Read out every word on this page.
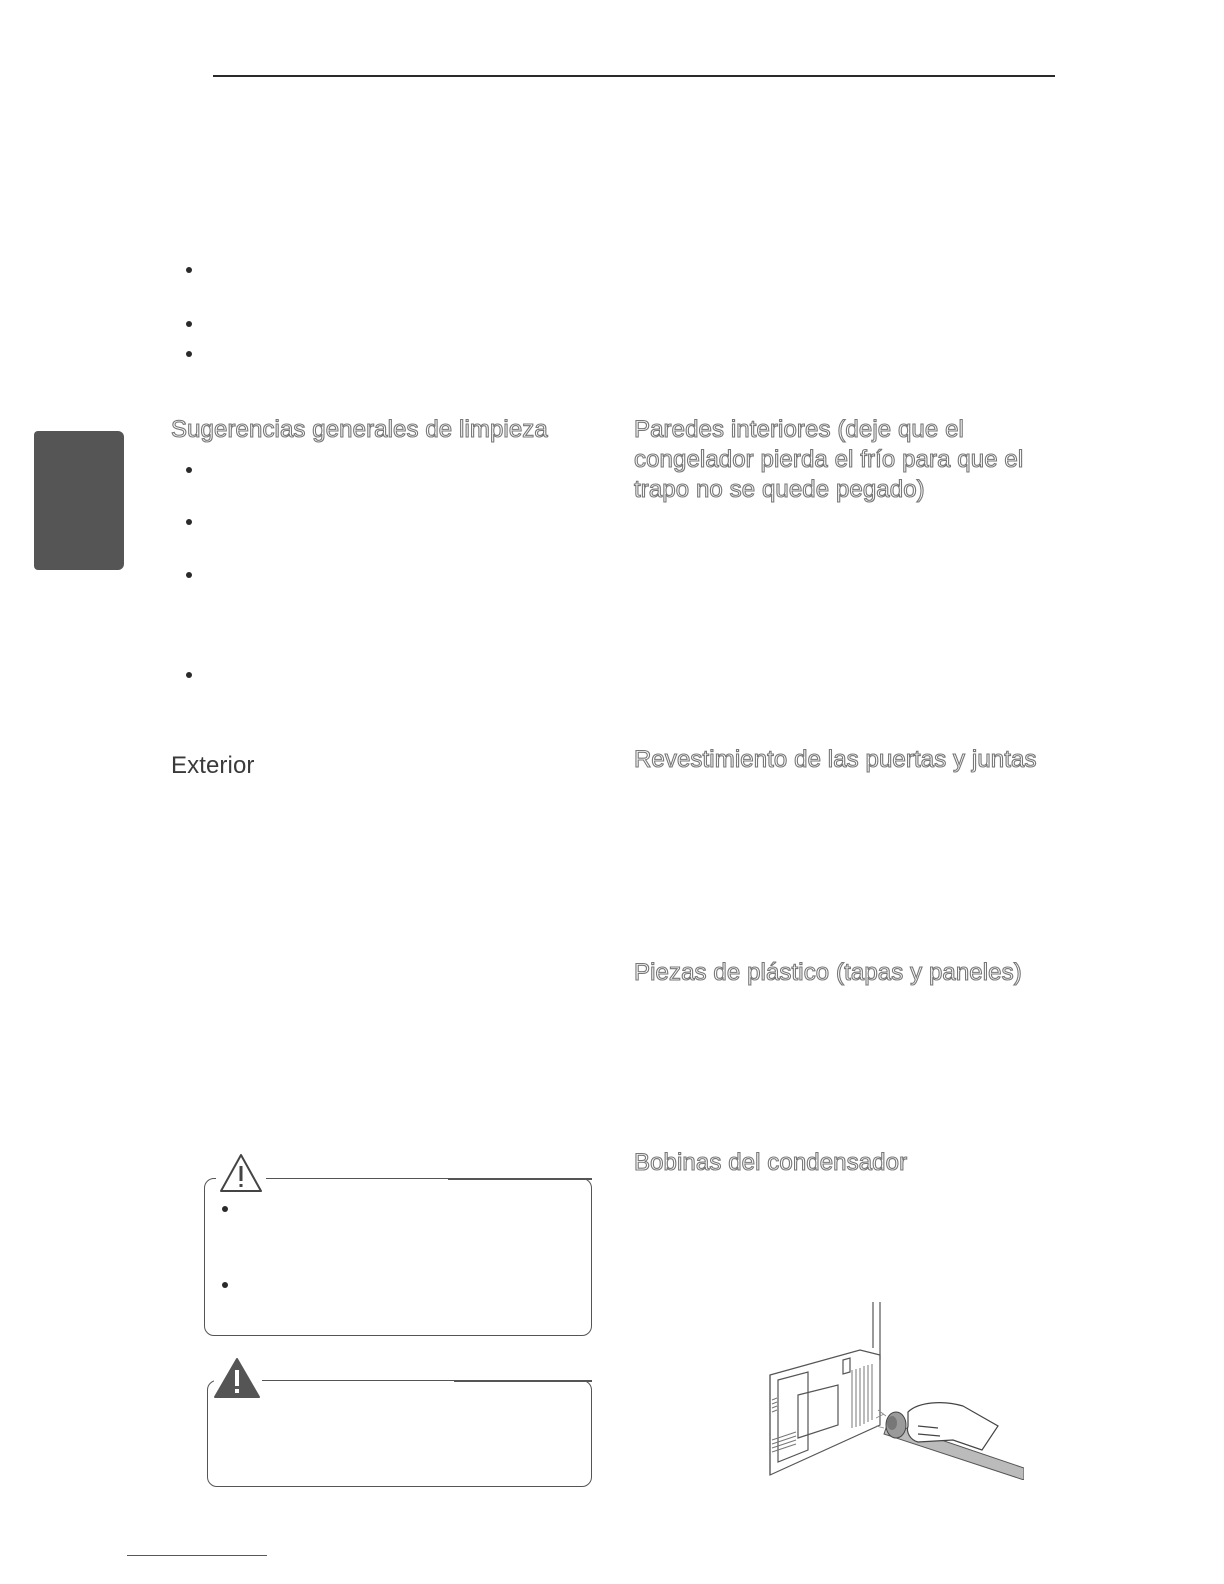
Sugerencias generales de limpieza
Exterior
Paredes interiores (deje que el congelador pierda el frío para que el trapo no se quede pegado)
Revestimiento de las puertas y juntas
Piezas de plástico (tapas y paneles)
Bobinas del condensador
